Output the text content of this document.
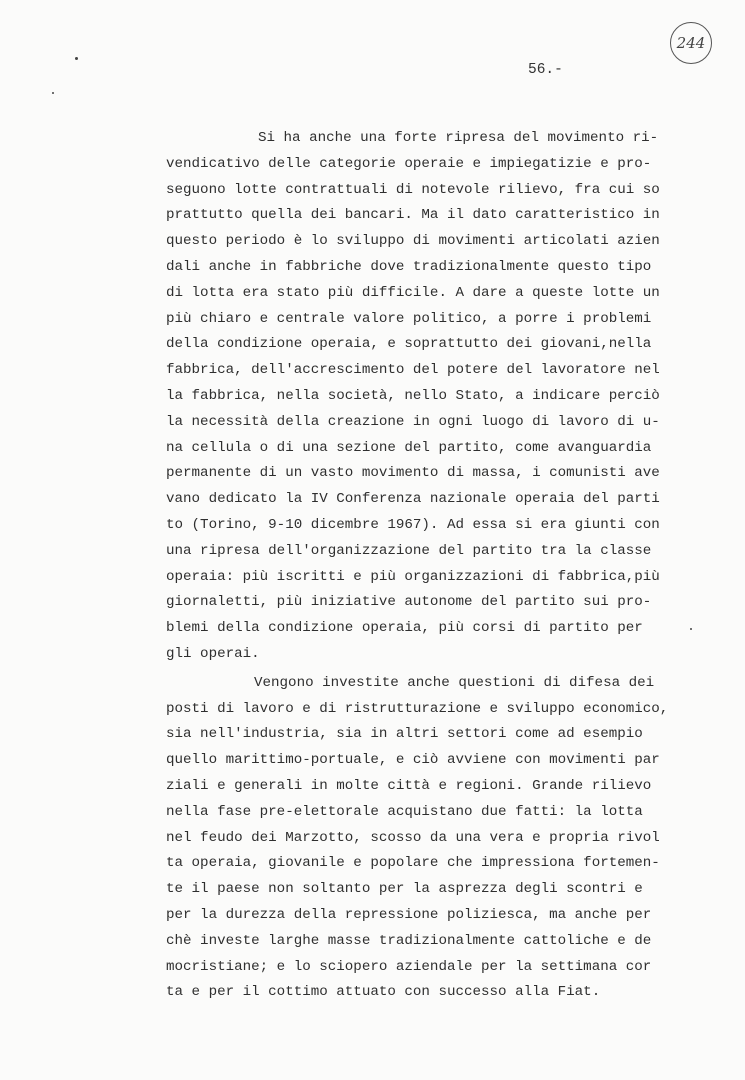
244
56.-
Si ha anche una forte ripresa del movimento ri-
vendicativo delle categorie operaie e impiegatizie e pro-
seguono lotte contrattuali di notevole rilievo, fra cui so
prattutto quella dei bancari. Ma il dato caratteristico in
questo periodo è lo sviluppo di movimenti articolati azien
dali anche in fabbriche dove tradizionalmente questo tipo
di lotta era stato più difficile. A dare a queste lotte un
più chiaro e centrale valore politico, a porre i problemi
della condizione operaia, e soprattutto dei giovani,nella
fabbrica, dell'accrescimento del potere del lavoratore nel
la fabbrica, nella società, nello Stato, a indicare perciò
la necessità della creazione in ogni luogo di lavoro di u-
na cellula o di una sezione del partito, come avanguardia
permanente di un vasto movimento di massa, i comunisti ave
vano dedicato la IV Conferenza nazionale operaia del parti
to (Torino, 9-10 dicembre 1967). Ad essa si era giunti con
una ripresa dell'organizzazione del partito tra la classe
operaia: più iscritti e più organizzazioni di fabbrica,più
giornaletti, più iniziative autonome del partito sui pro-
blemi della condizione operaia, più corsi di partito per
gli operai.
Vengono investite anche questioni di difesa dei
posti di lavoro e di ristrutturazione e sviluppo economico,
sia nell'industria, sia in altri settori come ad esempio
quello marittimo-portuale, e ciò avviene con movimenti par
ziali e generali in molte città e regioni. Grande rilievo
nella fase pre-elettorale acquistano due fatti: la lotta
nel feudo dei Marzotto, scosso da una vera e propria rivol
ta operaia, giovanile e popolare che impressiona fortemen-
te il paese non soltanto per la asprezza degli scontri e
per la durezza della repressione poliziesca, ma anche per
chè investe larghe masse tradizionalmente cattoliche e de
mocristiane; e lo sciopero aziendale per la settimana cor
ta e per il cottimo attuato con successo alla Fiat.
